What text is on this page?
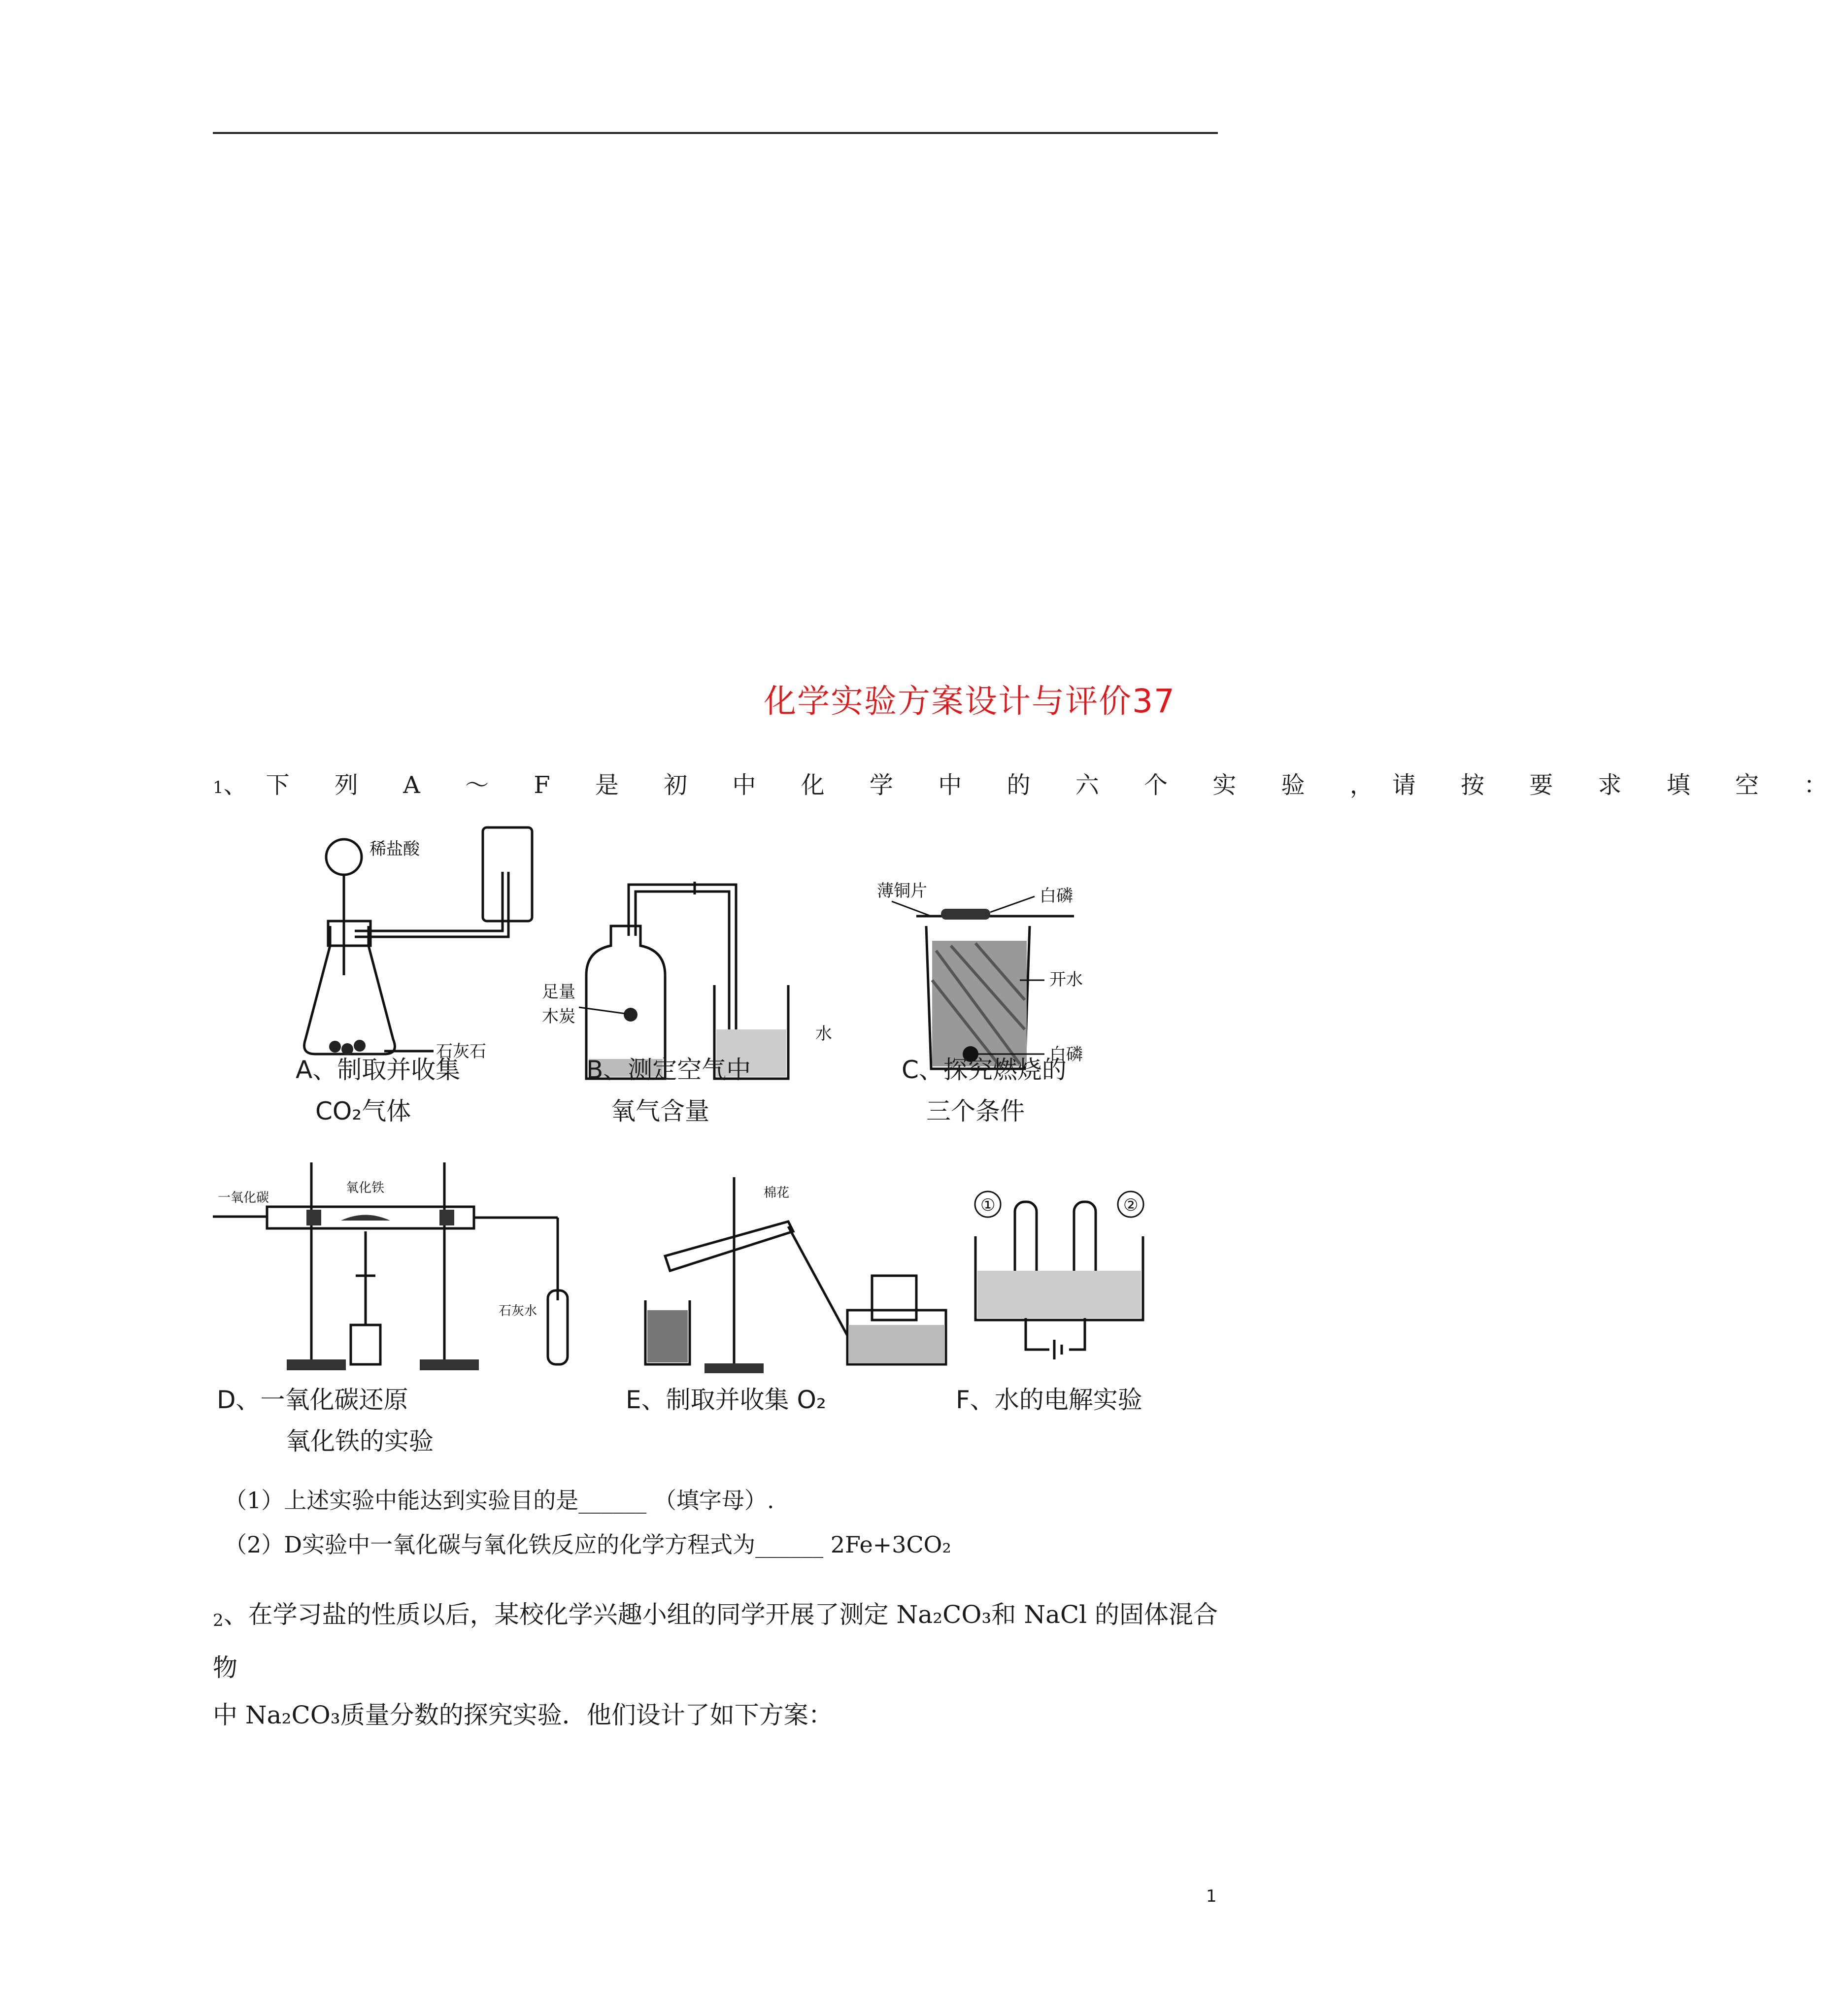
化学实验方案设计与评价37
1 、下 列 A ～ F 是 初 中 化 学 中 的 六 个 实 验 ， 请 按 要 求 填 空 ：
稀盐酸
石灰石
A、制取并收集
CO₂气体
足量
木炭
水
B、测定空气中
氧气含量
薄铜片	白磷
开水
白磷
C、探究燃烧的
三个条件
一氧化碳
氧化铁
石灰水
D、一氧化碳还原
氧化铁的实验
棉花
E、制取并收集 O₂
①	②
F、水的电解实验
（1）上述实验中能达到实验目的是______ （填字母）.
（2）D实验中一氧化碳与氧化铁反应的化学方程式为______ 2Fe+3CO₂
2、在学习盐的性质以后，某校化学兴趣小组的同学开展了测定 Na₂CO₃和 NaCl 的固体混合物
中 Na₂CO₃质量分数的探究实验．他们设计了如下方案：
1
